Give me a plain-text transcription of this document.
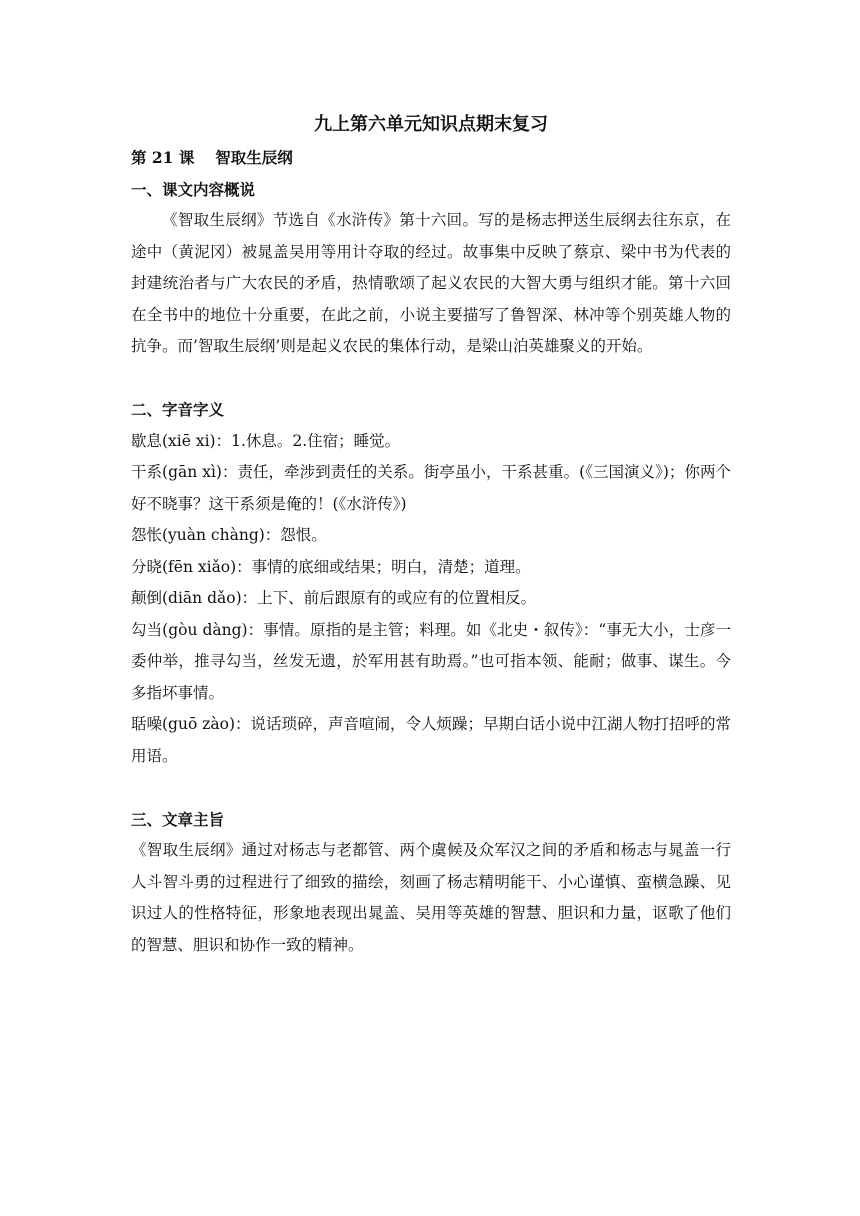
九上第六单元知识点期末复习

第 21 课　 智取生辰纲

一、课文内容概说

《智取生辰纲》节选自《水浒传》第十六回。写的是杨志押送生辰纲去往东京，在途中（黄泥冈）被晁盖吴用等用计夺取的经过。故事集中反映了蔡京、梁中书为代表的封建统治者与广大农民的矛盾，热情歌颂了起义农民的大智大勇与组织才能。第十六回在全书中的地位十分重要，在此之前，小说主要描写了鲁智深、林冲等个别英雄人物的抗争。而’智取生辰纲’则是起义农民的集体行动，是梁山泊英雄聚义的开始。

二、字音字义

歇息(xiē xi)：1.休息。2.住宿；睡觉。

干系(gān xì)：责任，牵涉到责任的关系。街亭虽小，干系甚重。(《三国演义》)；你两个好不晓事？这干系须是俺的！(《水浒传》)

怨怅(yuàn chàng)：怨恨。

分晓(fēn xiǎo)：事情的底细或结果；明白，清楚；道理。

颠倒(diān dǎo)：上下、前后跟原有的或应有的位置相反。

勾当(gòu dàng)：事情。原指的是主管；料理。如《北史・叙传》：“事无大小，士彦一委仲举，推寻勾当，丝发无遗，於军用甚有助焉。”也可指本领、能耐；做事、谋生。今多指坏事情。

聒噪(guō zào)：说话琐碎，声音喧闹，令人烦躁；早期白话小说中江湖人物打招呼的常用语。

三、文章主旨

《智取生辰纲》通过对杨志与老都管、两个虞候及众军汉之间的矛盾和杨志与晁盖一行人斗智斗勇的过程进行了细致的描绘，刻画了杨志精明能干、小心谨慎、蛮横急躁、见识过人的性格特征，形象地表现出晁盖、吴用等英雄的智慧、胆识和力量，讴歌了他们的智慧、胆识和协作一致的精神。
